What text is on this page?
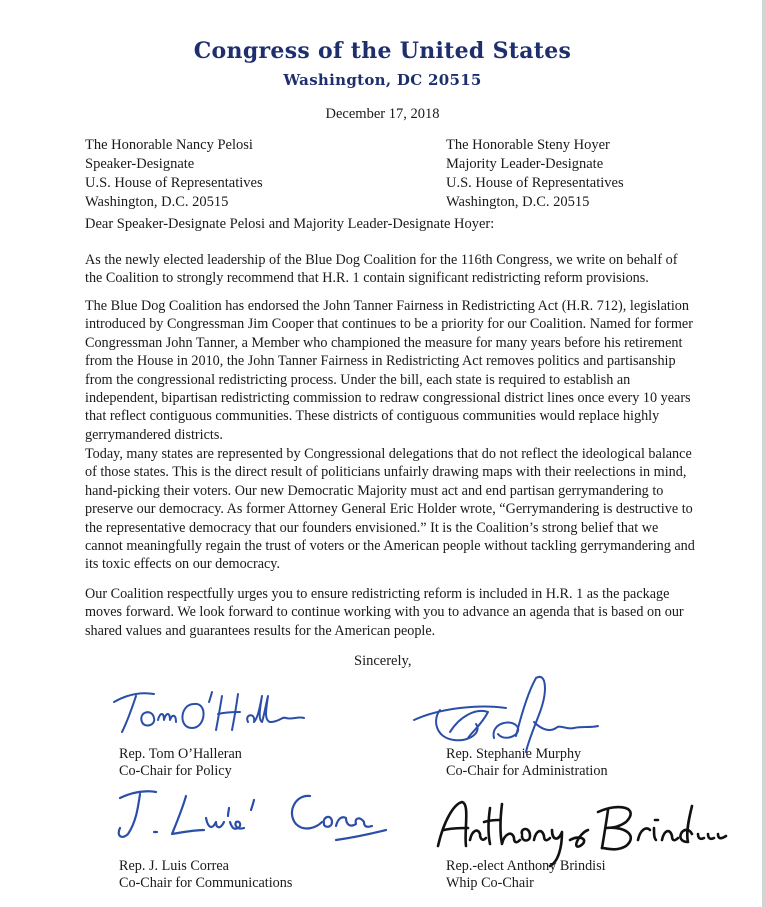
Congress of the United States
Washington, DC 20515
December 17, 2018
The Honorable Nancy Pelosi
Speaker-Designate
U.S. House of Representatives
Washington, D.C. 20515
The Honorable Steny Hoyer
Majority Leader-Designate
U.S. House of Representatives
Washington, D.C. 20515
Dear Speaker-Designate Pelosi and Majority Leader-Designate Hoyer:
As the newly elected leadership of the Blue Dog Coalition for the 116th Congress, we write on behalf of the Coalition to strongly recommend that H.R. 1 contain significant redistricting reform provisions.
The Blue Dog Coalition has endorsed the John Tanner Fairness in Redistricting Act (H.R. 712), legislation introduced by Congressman Jim Cooper that continues to be a priority for our Coalition. Named for former Congressman John Tanner, a Member who championed the measure for many years before his retirement from the House in 2010, the John Tanner Fairness in Redistricting Act removes politics and partisanship from the congressional redistricting process. Under the bill, each state is required to establish an independent, bipartisan redistricting commission to redraw congressional district lines once every 10 years that reflect contiguous communities. These districts of contiguous communities would replace highly gerrymandered districts.
Today, many states are represented by Congressional delegations that do not reflect the ideological balance of those states. This is the direct result of politicians unfairly drawing maps with their reelections in mind, hand-picking their voters. Our new Democratic Majority must act and end partisan gerrymandering to preserve our democracy. As former Attorney General Eric Holder wrote, “Gerrymandering is destructive to the representative democracy that our founders envisioned.” It is the Coalition’s strong belief that we cannot meaningfully regain the trust of voters or the American people without tackling gerrymandering and its toxic effects on our democracy.
Our Coalition respectfully urges you to ensure redistricting reform is included in H.R. 1 as the package moves forward. We look forward to continue working with you to advance an agenda that is based on our shared values and guarantees results for the American people.
Sincerely,
Rep. Tom O’Halleran
Co-Chair for Policy
Rep. Stephanie Murphy
Co-Chair for Administration
Rep. J. Luis Correa
Co-Chair for Communications
Rep.-elect Anthony Brindisi
Whip Co-Chair
